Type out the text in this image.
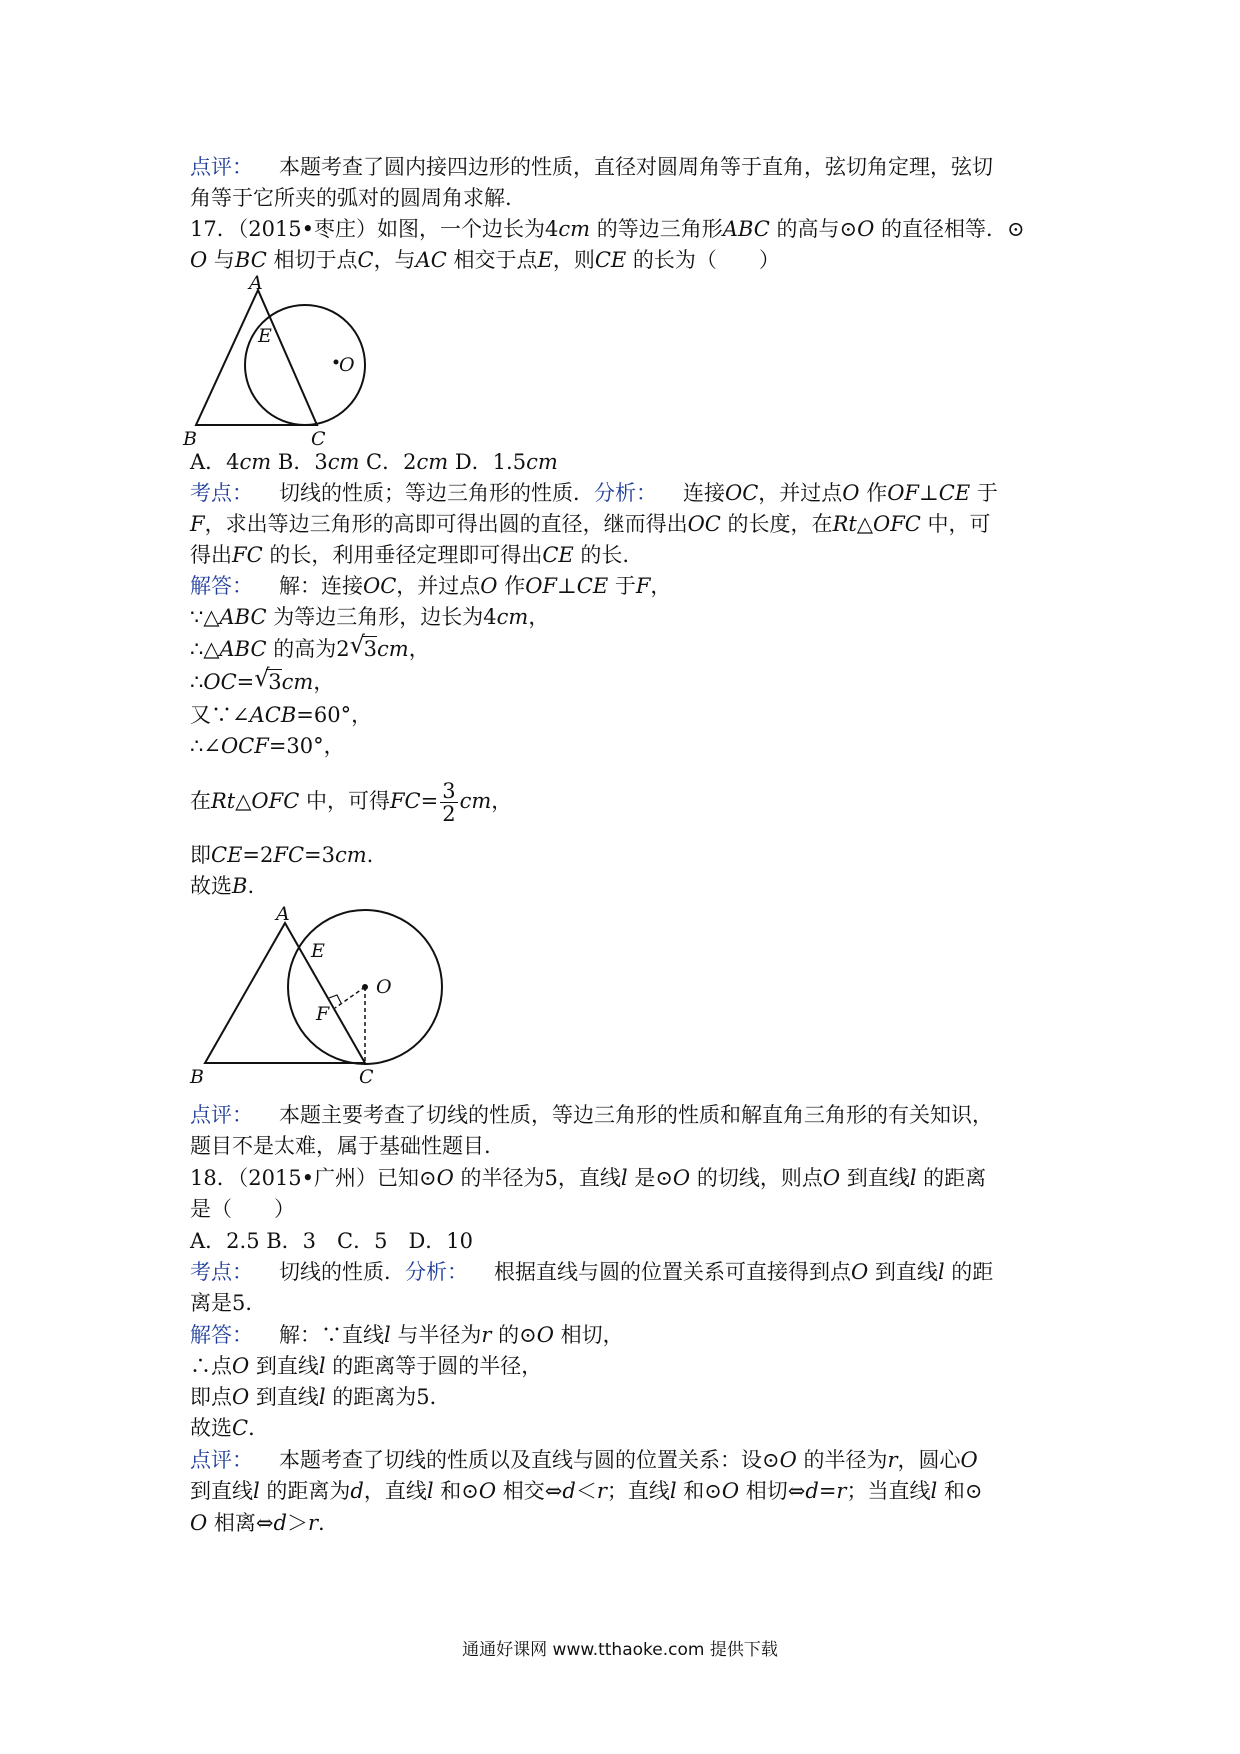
点评： 本题考查了圆内接四边形的性质，直径对圆周角等于直角，弦切角定理，弦切
角等于它所夹的弧对的圆周角求解.
17．（2015•枣庄）如图，一个边长为4cm 的等边三角形ABC 的高与⊙O 的直径相等．⊙
O 与BC 相切于点C，与AC 相交于点E，则CE 的长为（　　）
A
E
O
B	C
A．4cm B．3cm C．2cm D．1.5cm
考点： 切线的性质；等边三角形的性质．分析： 连接OC，并过点O 作OF⊥CE 于
F，求出等边三角形的高即可得出圆的直径，继而得出OC 的长度，在Rt△OFC 中，可
得出FC 的长，利用垂径定理即可得出CE 的长.
解答： 解：连接OC，并过点O 作OF⊥CE 于F，
∵△ABC 为等边三角形，边长为4cm，
∴△ABC 的高为2 √ 3cm，
∴OC= √ 3cm，
又∵∠ACB=60°，
∴∠OCF=30°，
在Rt△OFC 中，可得$FC= \frac{3}{2}$ cm，
即CE=2FC=3cm.
故选B.
A
E
O
F
B	C
点评： 本题主要考查了切线的性质，等边三角形的性质和解直角三角形的有关知识，
题目不是太难，属于基础性题目.
18．（2015•广州）已知⊙O 的半径为5，直线l 是⊙O 的切线，则点O 到直线l 的距离
是（　　）
A．2.5 B．3　C．5　D．10
考点： 切线的性质．分析： 根据直线与圆的位置关系可直接得到点O 到直线l 的距
离是5．
解答： 解：∵直线l 与半径为r 的⊙O 相切，
∴点O 到直线l 的距离等于圆的半径，
即点O 到直线l 的距离为5．
故选C．
点评： 本题考查了切线的性质以及直线与圆的位置关系：设⊙O 的半径为r，圆心O
到直线l 的距离为d，直线l 和⊙O 相交⇔d＜r；直线l 和⊙O 相切⇔d=r；当直线l 和⊙
O 相离⇔d＞r.
通通好课网 www.tthaoke.com 提供下载
